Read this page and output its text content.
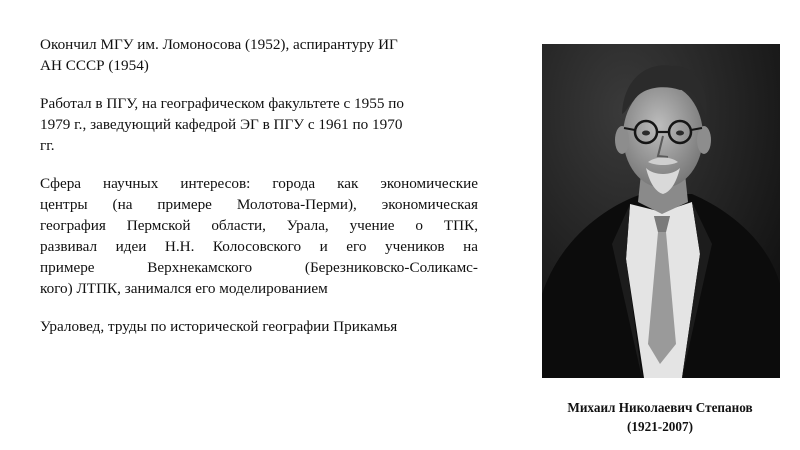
Окончил МГУ им. Ломоносова (1952), аспирантуру ИГ
АН СССР (1954)

Работал в ПГУ, на географическом факультете с 1955 по
1979 г., заведующий кафедрой ЭГ в ПГУ с 1961 по 1970
гг.

Сфера научных интересов: города как экономические
центры (на примере Молотова-Перми), экономическая
география Пермской области, Урала, учение о ТПК,
развивал идеи Н.Н. Колосовского и его учеников на
примере Верхнекамского (Березниковско-Соликамс-
кого) ЛТПК, занимался его моделированием

Ураловед, труды по исторической географии Прикамья

Михаил Николаевич Степанов
(1921-2007)
